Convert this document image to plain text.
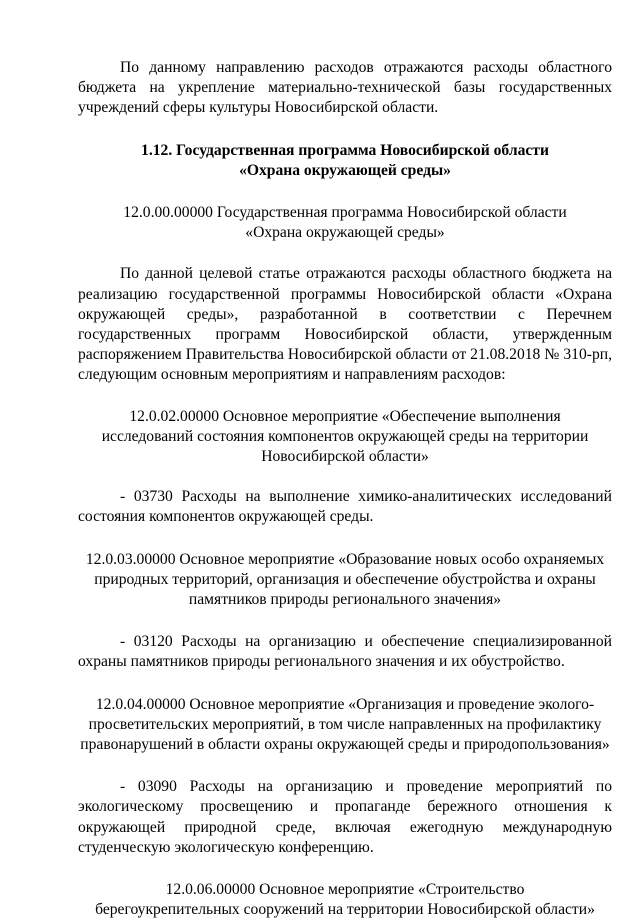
По данному направлению расходов отражаются расходы областного бюджета на укрепление материально-технической базы государственных учреждений сферы культуры Новосибирской области.

1.12. Государственная программа Новосибирской области
«Охрана окружающей среды»

12.0.00.00000 Государственная программа Новосибирской области
«Охрана окружающей среды»

По данной целевой статье отражаются расходы областного бюджета на реализацию государственной программы Новосибирской области «Охрана окружающей среды», разработанной в соответствии с Перечнем государственных программ Новосибирской области, утвержденным распоряжением Правительства Новосибирской области от 21.08.2018 № 310-рп, следующим основным мероприятиям и направлениям расходов:

12.0.02.00000 Основное мероприятие «Обеспечение выполнения
исследований состояния компонентов окружающей среды на территории
Новосибирской области»

- 03730 Расходы на выполнение химико-аналитических исследований состояния компонентов окружающей среды.

12.0.03.00000 Основное мероприятие «Образование новых особо охраняемых
природных территорий, организация и обеспечение обустройства и охраны
памятников природы регионального значения»

- 03120 Расходы на организацию и обеспечение специализированной охраны памятников природы регионального значения и их обустройство.

12.0.04.00000 Основное мероприятие «Организация и проведение эколого-
просветительских мероприятий, в том числе направленных на профилактику
правонарушений в области охраны окружающей среды и природопользования»

- 03090 Расходы на организацию и проведение мероприятий по экологическому просвещению и пропаганде бережного отношения к окружающей природной среде, включая ежегодную международную студенческую экологическую конференцию.

12.0.06.00000 Основное мероприятие «Строительство
берегоукрепительных сооружений на территории Новосибирской области»
